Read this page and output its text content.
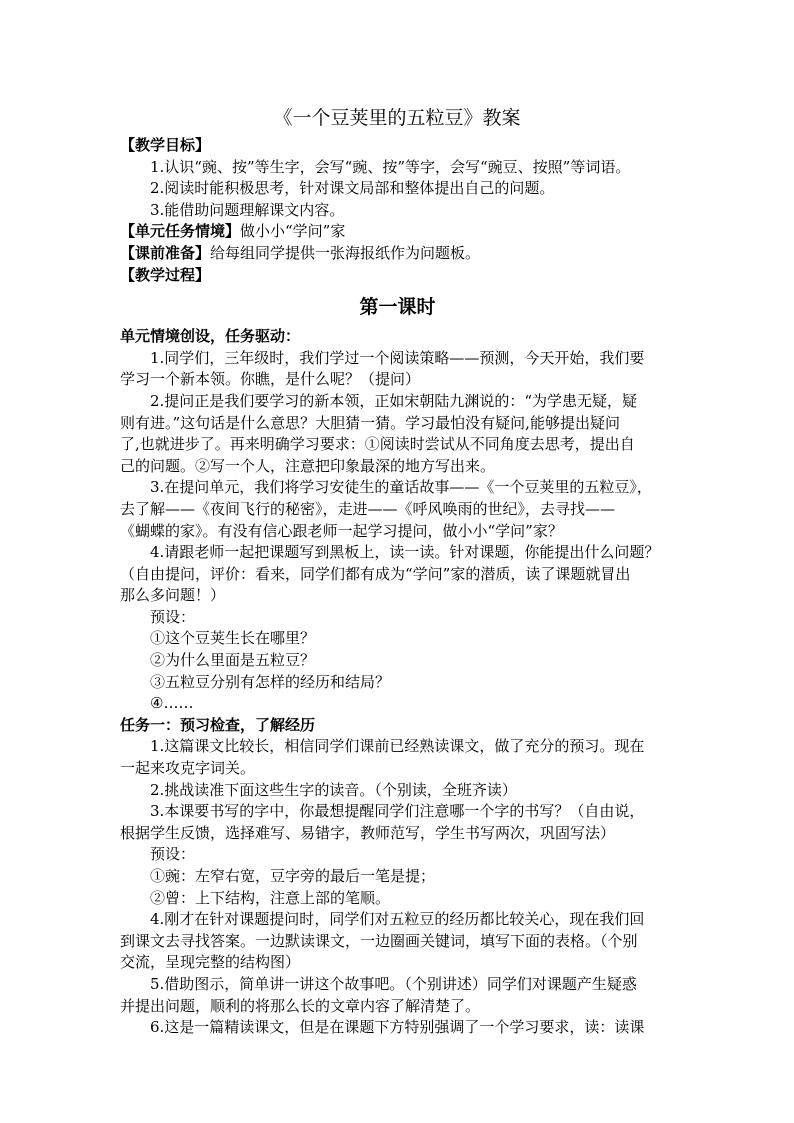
《一个豆荚里的五粒豆》教案
【教学目标】
1.认识“豌、按”等生字，会写“豌、按”等字，会写“豌豆、按照”等词语。
2.阅读时能积极思考，针对课文局部和整体提出自己的问题。
3.能借助问题理解课文内容。
【单元任务情境】做小小“学问”家
【课前准备】给每组同学提供一张海报纸作为问题板。
【教学过程】
第一课时
单元情境创设，任务驱动：
1.同学们，三年级时，我们学过一个阅读策略——预测，今天开始，我们要
学习一个新本领。你瞧，是什么呢？（提问）
2.提问正是我们要学习的新本领，正如宋朝陆九渊说的：“为学患无疑，疑
则有进。”这句话是什么意思？大胆猜一猜。学习最怕没有疑问,能够提出疑问
了,也就进步了。再来明确学习要求：①阅读时尝试从不同角度去思考，提出自
己的问题。②写一个人，注意把印象最深的地方写出来。
3.在提问单元，我们将学习安徒生的童话故事——《一个豆荚里的五粒豆》，
去了解——《夜间飞行的秘密》，走进——《呼风唤雨的世纪》，去寻找——
《蝴蝶的家》。有没有信心跟老师一起学习提问，做小小“学问”家？
4.请跟老师一起把课题写到黑板上，读一读。针对课题，你能提出什么问题？
（自由提问，评价：看来，同学们都有成为“学问”家的潜质，读了课题就冒出
那么多问题！）
预设：
①这个豆荚生长在哪里？
②为什么里面是五粒豆？
③五粒豆分别有怎样的经历和结局？
④……
任务一：预习检查，了解经历
1.这篇课文比较长，相信同学们课前已经熟读课文，做了充分的预习。现在
一起来攻克字词关。
2.挑战读准下面这些生字的读音。（个别读，全班齐读）
3.本课要书写的字中，你最想提醒同学们注意哪一个字的书写？（自由说，
根据学生反馈，选择难写、易错字，教师范写，学生书写两次，巩固写法）
预设：
①豌：左窄右宽，豆字旁的最后一笔是提；
②曾：上下结构，注意上部的笔顺。
4.刚才在针对课题提问时，同学们对五粒豆的经历都比较关心，现在我们回
到课文去寻找答案。一边默读课文，一边圈画关键词，填写下面的表格。（个别
交流，呈现完整的结构图）
5.借助图示，简单讲一讲这个故事吧。（个别讲述）同学们对课题产生疑惑
并提出问题，顺利的将那么长的文章内容了解清楚了。
6.这是一篇精读课文，但是在课题下方特别强调了一个学习要求，读：读课
